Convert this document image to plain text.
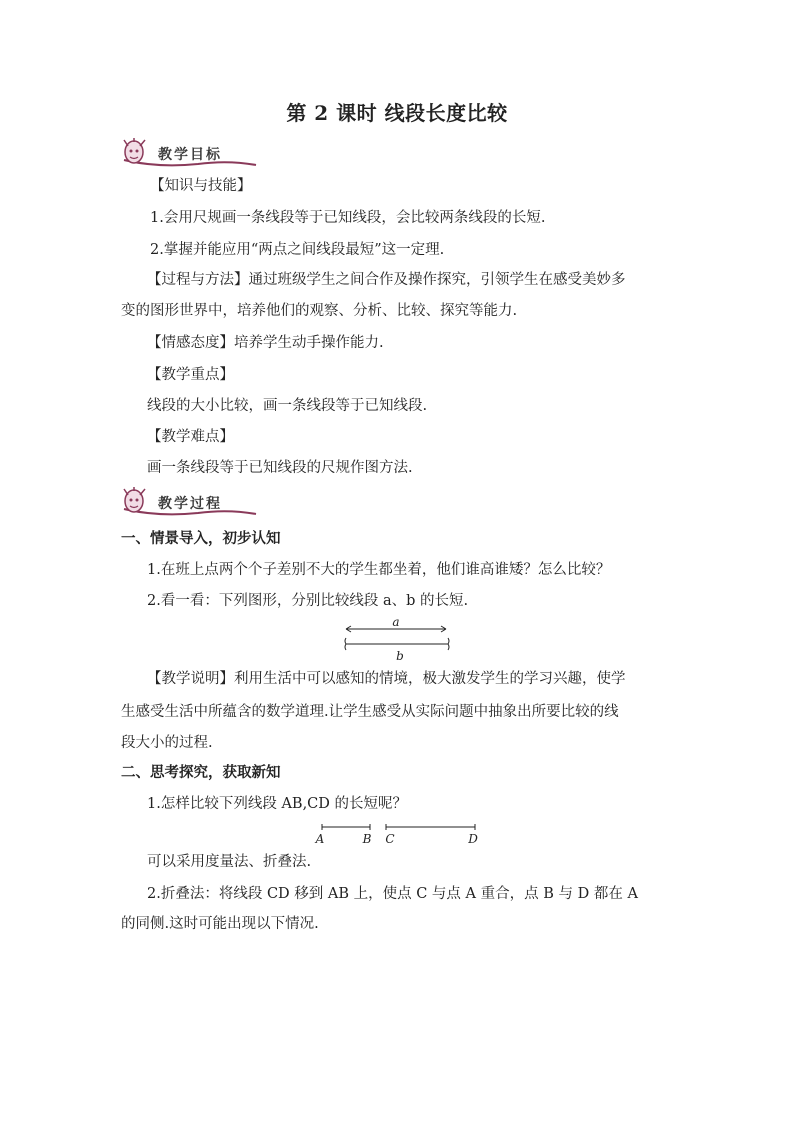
第 2 课时 线段长度比较
教学目标
【知识与技能】
1.会用尺规画一条线段等于已知线段，会比较两条线段的长短.
2.掌握并能应用“两点之间线段最短”这一定理.
【过程与方法】通过班级学生之间合作及操作探究，引领学生在感受美妙多
变的图形世界中，培养他们的观察、分析、比较、探究等能力.
【情感态度】培养学生动手操作能力.
【教学重点】
线段的大小比较，画一条线段等于已知线段.
【教学难点】
画一条线段等于已知线段的尺规作图方法.
教学过程
一、情景导入，初步认知
1.在班上点两个个子差别不大的学生都坐着，他们谁高谁矮？怎么比较？
2.看一看：下列图形，分别比较线段 a、b 的长短.
a
b
【教学说明】利用生活中可以感知的情境，极大激发学生的学习兴趣，使学
生感受生活中所蕴含的数学道理.让学生感受从实际问题中抽象出所要比较的线
段大小的过程.
二、思考探究，获取新知
1.怎样比较下列线段 AB,CD 的长短呢？
A	B C	D
可以采用度量法、折叠法.
2.折叠法：将线段 CD 移到 AB 上，使点 C 与点 A 重合，点 B 与 D 都在 A
的同侧.这时可能出现以下情况.
